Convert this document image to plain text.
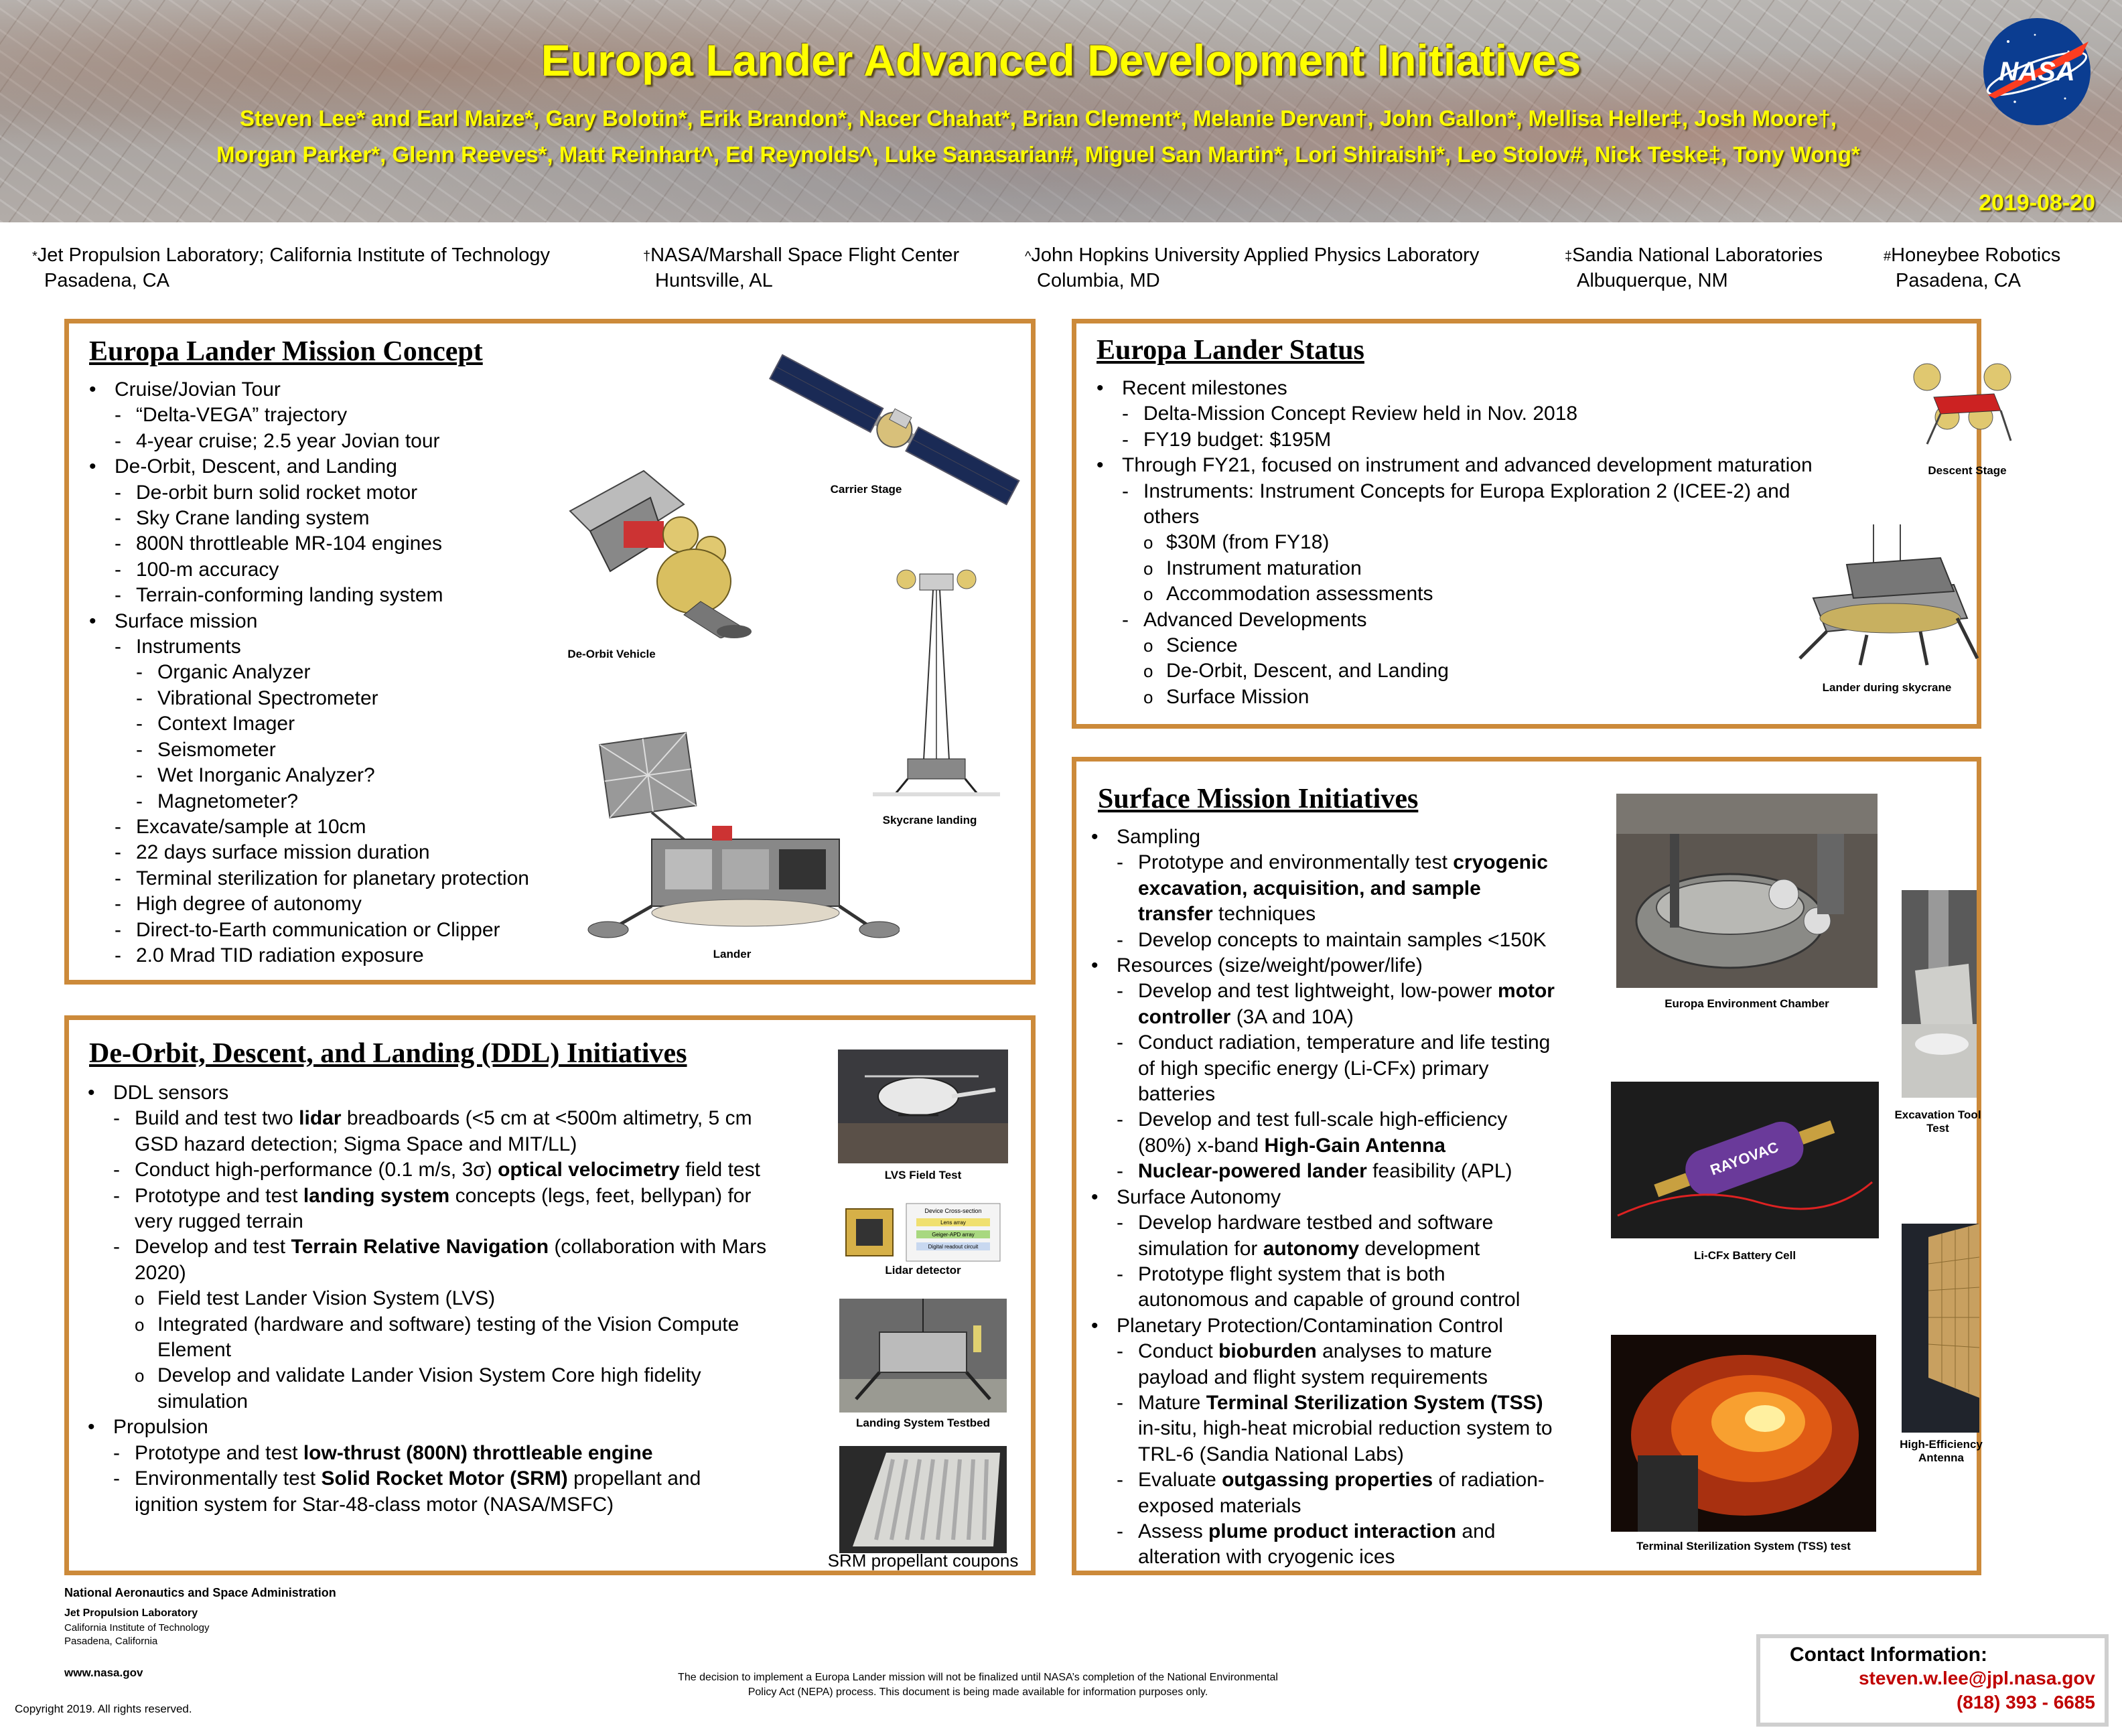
Europa Lander Advanced Development Initiatives
Steven Lee* and Earl Maize*, Gary Bolotin*, Erik Brandon*, Nacer Chahat*, Brian Clement*, Melanie Dervan†, John Gallon*, Mellisa Heller‡, Josh Moore†,
Morgan Parker*, Glenn Reeves*, Matt Reinhart^, Ed Reynolds^, Luke Sanasarian#, Miguel San Martin*, Lori Shiraishi*, Leo Stolov#, Nick Teske‡, Tony Wong*
2019-08-20
NASA
*Jet Propulsion Laboratory; California Institute of Technology
Pasadena, CA
†NASA/Marshall Space Flight Center
Huntsville, AL
^John Hopkins University Applied Physics Laboratory
Columbia, MD
‡Sandia National Laboratories
Albuquerque, NM
#Honeybee Robotics
Pasadena, CA
Europa Lander Mission Concept
• Cruise/Jovian Tour
- “Delta-VEGA” trajectory
- 4-year cruise; 2.5 year Jovian tour
• De-Orbit, Descent, and Landing
- De-orbit burn solid rocket motor
- Sky Crane landing system
- 800N throttleable MR-104 engines
- 100-m accuracy
- Terrain-conforming landing system
• Surface mission
- Instruments
- Organic Analyzer
- Vibrational Spectrometer
- Context Imager
- Seismometer
- Wet Inorganic Analyzer?
- Magnetometer?
- Excavate/sample at 10cm
- 22 days surface mission duration
- Terminal sterilization for planetary protection
- High degree of autonomy
- Direct-to-Earth communication or Clipper
- 2.0 Mrad TID radiation exposure
Carrier Stage
De-Orbit Vehicle
Skycrane landing
Lander
Europa Lander Status
• Recent milestones
- Delta-Mission Concept Review held in Nov. 2018
- FY19 budget: $195M
• Through FY21, focused on instrument and advanced development maturation
- Instruments: Instrument Concepts for Europa Exploration 2 (ICEE-2) and
others
o $30M (from FY18)
o Instrument maturation
o Accommodation assessments
- Advanced Developments
o Science
o De-Orbit, Descent, and Landing
o Surface Mission
Descent Stage
Lander during skycrane
De-Orbit, Descent, and Landing (DDL) Initiatives
• DDL sensors
- Build and test two lidar breadboards (<5 cm at <500m altimetry, 5 cm
GSD hazard detection; Sigma Space and MIT/LL)
- Conduct high-performance (0.1 m/s, 3σ) optical velocimetry field test
- Prototype and test landing system concepts (legs, feet, bellypan) for
very rugged terrain
- Develop and test Terrain Relative Navigation (collaboration with Mars
2020)
o Field test Lander Vision System (LVS)
o Integrated (hardware and software) testing of the Vision Compute
Element
o Develop and validate Lander Vision System Core high fidelity
simulation
• Propulsion
- Prototype and test low-thrust (800N) throttleable engine
- Environmentally test Solid Rocket Motor (SRM) propellant and
ignition system for Star-48-class motor (NASA/MSFC)
LVS Field Test
Device Cross-section
Lens array
Geiger-APD array
Digital readout circuit
Lidar detector
Landing System Testbed
SRM propellant coupons
Surface Mission Initiatives
• Sampling
- Prototype and environmentally test cryogenic
excavation, acquisition, and sample
transfer techniques
- Develop concepts to maintain samples <150K
• Resources (size/weight/power/life)
- Develop and test lightweight, low-power motor
controller (3A and 10A)
- Conduct radiation, temperature and life testing
of high specific energy (Li-CFx) primary
batteries
- Develop and test full-scale high-efficiency
(80%) x-band High-Gain Antenna
- Nuclear-powered lander feasibility (APL)
• Surface Autonomy
- Develop hardware testbed and software
simulation for autonomy development
- Prototype flight system that is both
autonomous and capable of ground control
• Planetary Protection/Contamination Control
- Conduct bioburden analyses to mature
payload and flight system requirements
- Mature Terminal Sterilization System (TSS)
in-situ, high-heat microbial reduction system to
TRL-6 (Sandia National Labs)
- Evaluate outgassing properties of radiation-
exposed materials
- Assess plume product interaction and
alteration with cryogenic ices
Europa Environment Chamber
Excavation Tool Test
RAYOVAC
Li-CFx Battery Cell
High-Efficiency Antenna
Terminal Sterilization System (TSS) test
National Aeronautics and Space Administration
Jet Propulsion Laboratory
California Institute of Technology
Pasadena, California
www.nasa.gov
Copyright 2019. All rights reserved.
The decision to implement a Europa Lander mission will not be finalized until NASA’s completion of the National Environmental
Policy Act (NEPA) process. This document is being made available for information purposes only.
Contact Information:
steven.w.lee@jpl.nasa.gov
(818) 393 - 6685
